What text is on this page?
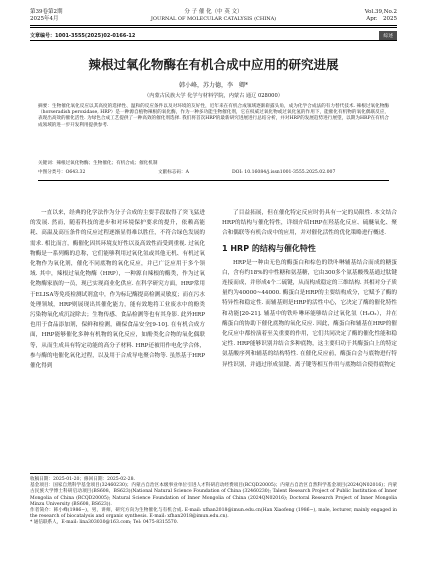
第39卷第2期
2025年4月
分 子 催 化（中 英 文）
JOURNAL OF MOLECULAR CATALYSIS (CHINA)
Vol.39,No.2
Apr.　2025
文章编号：1001-3555(2025)02-0166-12	综述
辣根过氧化物酶在有机合成中应用的研究进展
韩小峰，苏力德，李　卿*
（内蒙古民族大学 化学与材料学院，内蒙古 通辽 028000）
摘要：生物催化氧化反应以其高度的选择性、温和的反应条件以及对环境的友好性，近年来在有机合成领域逐渐崭露头角，成为化学合成法的有力替代技术. 辣根过氧化物酶（horseradish peroxidase, HRP）是一种源自植物辣根的氧化酶，作为一种多功能生物催化剂，它在权威过氧化物或过氧化氢的作用下，能催化有机物的氧化偶联反应，表现出高效的催化活性. 为绿色合成工艺提供了一种高效的催化剂选择. 我们将首次HRP的最新研究进展进行总结分析，并对HRP的发展趋势进行展望，以期为HRP在有机合成领域的进一步开发利用提供参考.
关键词：辣根过氧化物酶；生物催化；有机合成；催化机制
中图分类号：O643.32	文献标志码：A	DOI: 10.16084/j.issn1001-3555.2025.02.007

一直以来，经典的化学法作为分子合成的主要手段取得了突飞猛进的发展. 然而，随着科技的进步和对环境保护要求的提升，依赖高能耗、高温及高压条件的反应过程逐渐显得难以胜任，不符合绿色发展的需求. 相比而言，酶催化因其环境友好性以及高效性而受到重视. 过氧化物酶是一系列酶的总称，它们能够利用过氧化氢或其他无机、有机过氧化物作为氧化剂，催化不同底物的氧化反应，并已广泛应用于多个领域. 其中，辣根过氧化物酶（HRP），一种源自辣根的酶类，作为过氧化物酶家族的一员，现已实现商业化供应. 在科学研究方面，HRP常用于ELISA等免疫检测试剂盒中，作为标记酶提高检测灵敏度；而在污水处理领域，HRP则展现出其催化能力，能有效地将工业废水中的酚类污染物氧化成沉淀除去；生物传感、食品检测等也有其身影. 此外HRP也用于食品添加剂，保鲜和检测，确保食品安全[9-10]. 在有机合成方面，HRP能够催化多种有机物的氧化反应，如酚类化合物的氧化偶联等，从而生成具有特定功能的高分子材料. HRP还被用作电化学合体，参与酶的电催化氧化过程，以及用于合成导电聚合物等. 虽然基于HRP催化得到

了目益拓展，但在催化特定反应时仍具有一定的局限性. 本文结合HRP的结构与催化特性，详细介绍HRP在羟基化反应、硫醚氧化、聚合和偶联等有机合成中的应用，并对催化活性的优化策略进行概述.

1 HRP 的结构与催化特性

HRP是一种由无色的酶蛋白和棕色的铁卟啉辅基结合而成的糖蛋白，含有约18%的中性糖和氨基糖，它由300多个氨基酸残基通过肽键连接而成，并形成4个二硫键，从而构成稳定的三维结构. 其相对分子质量约为40000~44000. 酶蛋白是HRP的主要结构成分，它赋予了酶的特异性和稳定性. 而辅基则是HRP的活性中心，它决定了酶的催化特性和功能[20-21]. 辅基中的铁卟啉环能够结合过氧化氢（H₂O₂），并在酶蛋白的协助下催化底物的氧化反应. 因此，酶蛋白和辅基在HRP的催化反应中都扮演着至关重要的作用，它们共同决定了酶的催化性能和稳定性. HRP能够识别并结合多种底物，这主要归功于其酶蛋白上的特定氨基酸序列和辅基的结构特性. 在催化反应前，酶蛋白会与底物进行特异性识别，并通过形成氢键、离子键等相互作用与底物结合使得底物定

收稿日期：2025-01-20；修回日期：2025-02-28.
基金项目：国家自然科学基金项目(32460230)；内蒙古自治区本级事业单位引进人才科研启动经费项目(RCQD20005)；内蒙古自治区自然科学基金项目(2024QN02016)；内蒙古民族大学博士科研启动项目(BS608、BS623)(National Natural Science Foundation of China (32460230); Talent Research Project of Public Institution of Inner Mongolia of China (RCQD20005); Natural Science Foundation of Inner Mongolia of China (2024QN02016); Doctoral Research Project of Inner Mongolia Minzu University (BS608, BS623)).
作者简介：韩小峰(1986−)，男，讲师，研究方向为生物催化与有机合成. E-mail: xfhan2018@imun.edu.cn(Han Xiaofeng (1986−), male, lecturer, mainly engaged in the research of biocatalysis and organic synthesis. E-mail: xfhan2018@imun.edu.cn).
* 通信联系人，E-mail: lina303030@163.com; Tel: 0475-8315570.
